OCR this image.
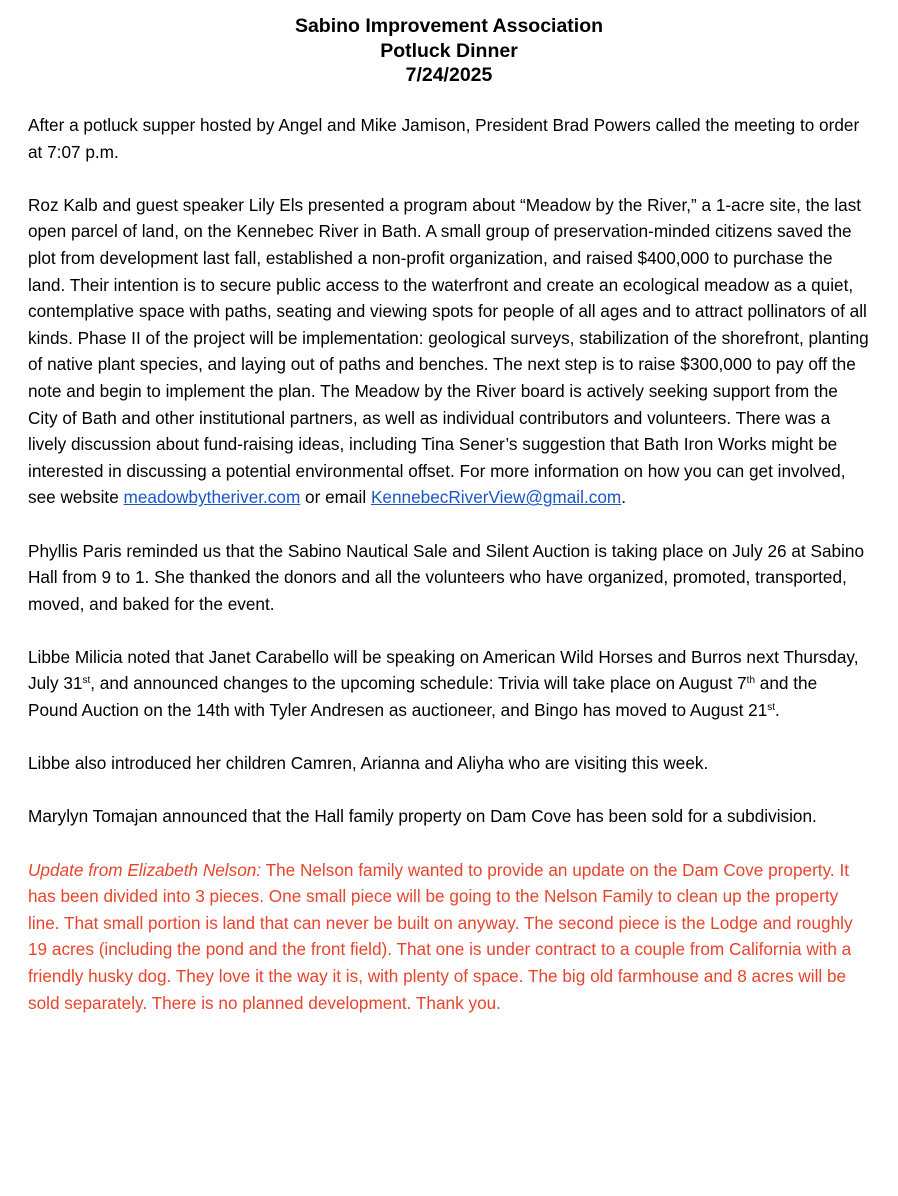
Sabino Improvement Association
Potluck Dinner
7/24/2025

After a potluck supper hosted by Angel and Mike Jamison, President Brad Powers called the meeting to order at 7:07 p.m.

Roz Kalb and guest speaker Lily Els presented a program about “Meadow by the River,” a 1-acre site, the last open parcel of land, on the Kennebec River in Bath. A small group of preservation-minded citizens saved the plot from development last fall, established a non-profit organization, and raised $400,000 to purchase the land. Their intention is to secure public access to the waterfront and create an ecological meadow as a quiet, contemplative space with paths, seating and viewing spots for people of all ages and to attract pollinators of all kinds. Phase II of the project will be implementation: geological surveys, stabilization of the shorefront, planting of native plant species, and laying out of paths and benches. The next step is to raise $300,000 to pay off the note and begin to implement the plan. The Meadow by the River board is actively seeking support from the City of Bath and other institutional partners, as well as individual contributors and volunteers. There was a lively discussion about fund-raising ideas, including Tina Sener’s suggestion that Bath Iron Works might be interested in discussing a potential environmental offset. For more information on how you can get involved, see website meadowbytheriver.com or email KennebecRiverView@gmail.com.

Phyllis Paris reminded us that the Sabino Nautical Sale and Silent Auction is taking place on July 26 at Sabino Hall from 9 to 1. She thanked the donors and all the volunteers who have organized, promoted, transported, moved, and baked for the event.

Libbe Milicia noted that Janet Carabello will be speaking on American Wild Horses and Burros next Thursday, July 31st, and announced changes to the upcoming schedule: Trivia will take place on August 7th and the Pound Auction on the 14th with Tyler Andresen as auctioneer, and Bingo has moved to August 21st.

Libbe also introduced her children Camren, Arianna and Aliyha who are visiting this week.

Marylyn Tomajan announced that the Hall family property on Dam Cove has been sold for a subdivision.

Update from Elizabeth Nelson: The Nelson family wanted to provide an update on the Dam Cove property. It has been divided into 3 pieces. One small piece will be going to the Nelson Family to clean up the property line. That small portion is land that can never be built on anyway. The second piece is the Lodge and roughly 19 acres (including the pond and the front field). That one is under contract to a couple from California with a friendly husky dog. They love it the way it is, with plenty of space. The big old farmhouse and 8 acres will be sold separately. There is no planned development. Thank you.
